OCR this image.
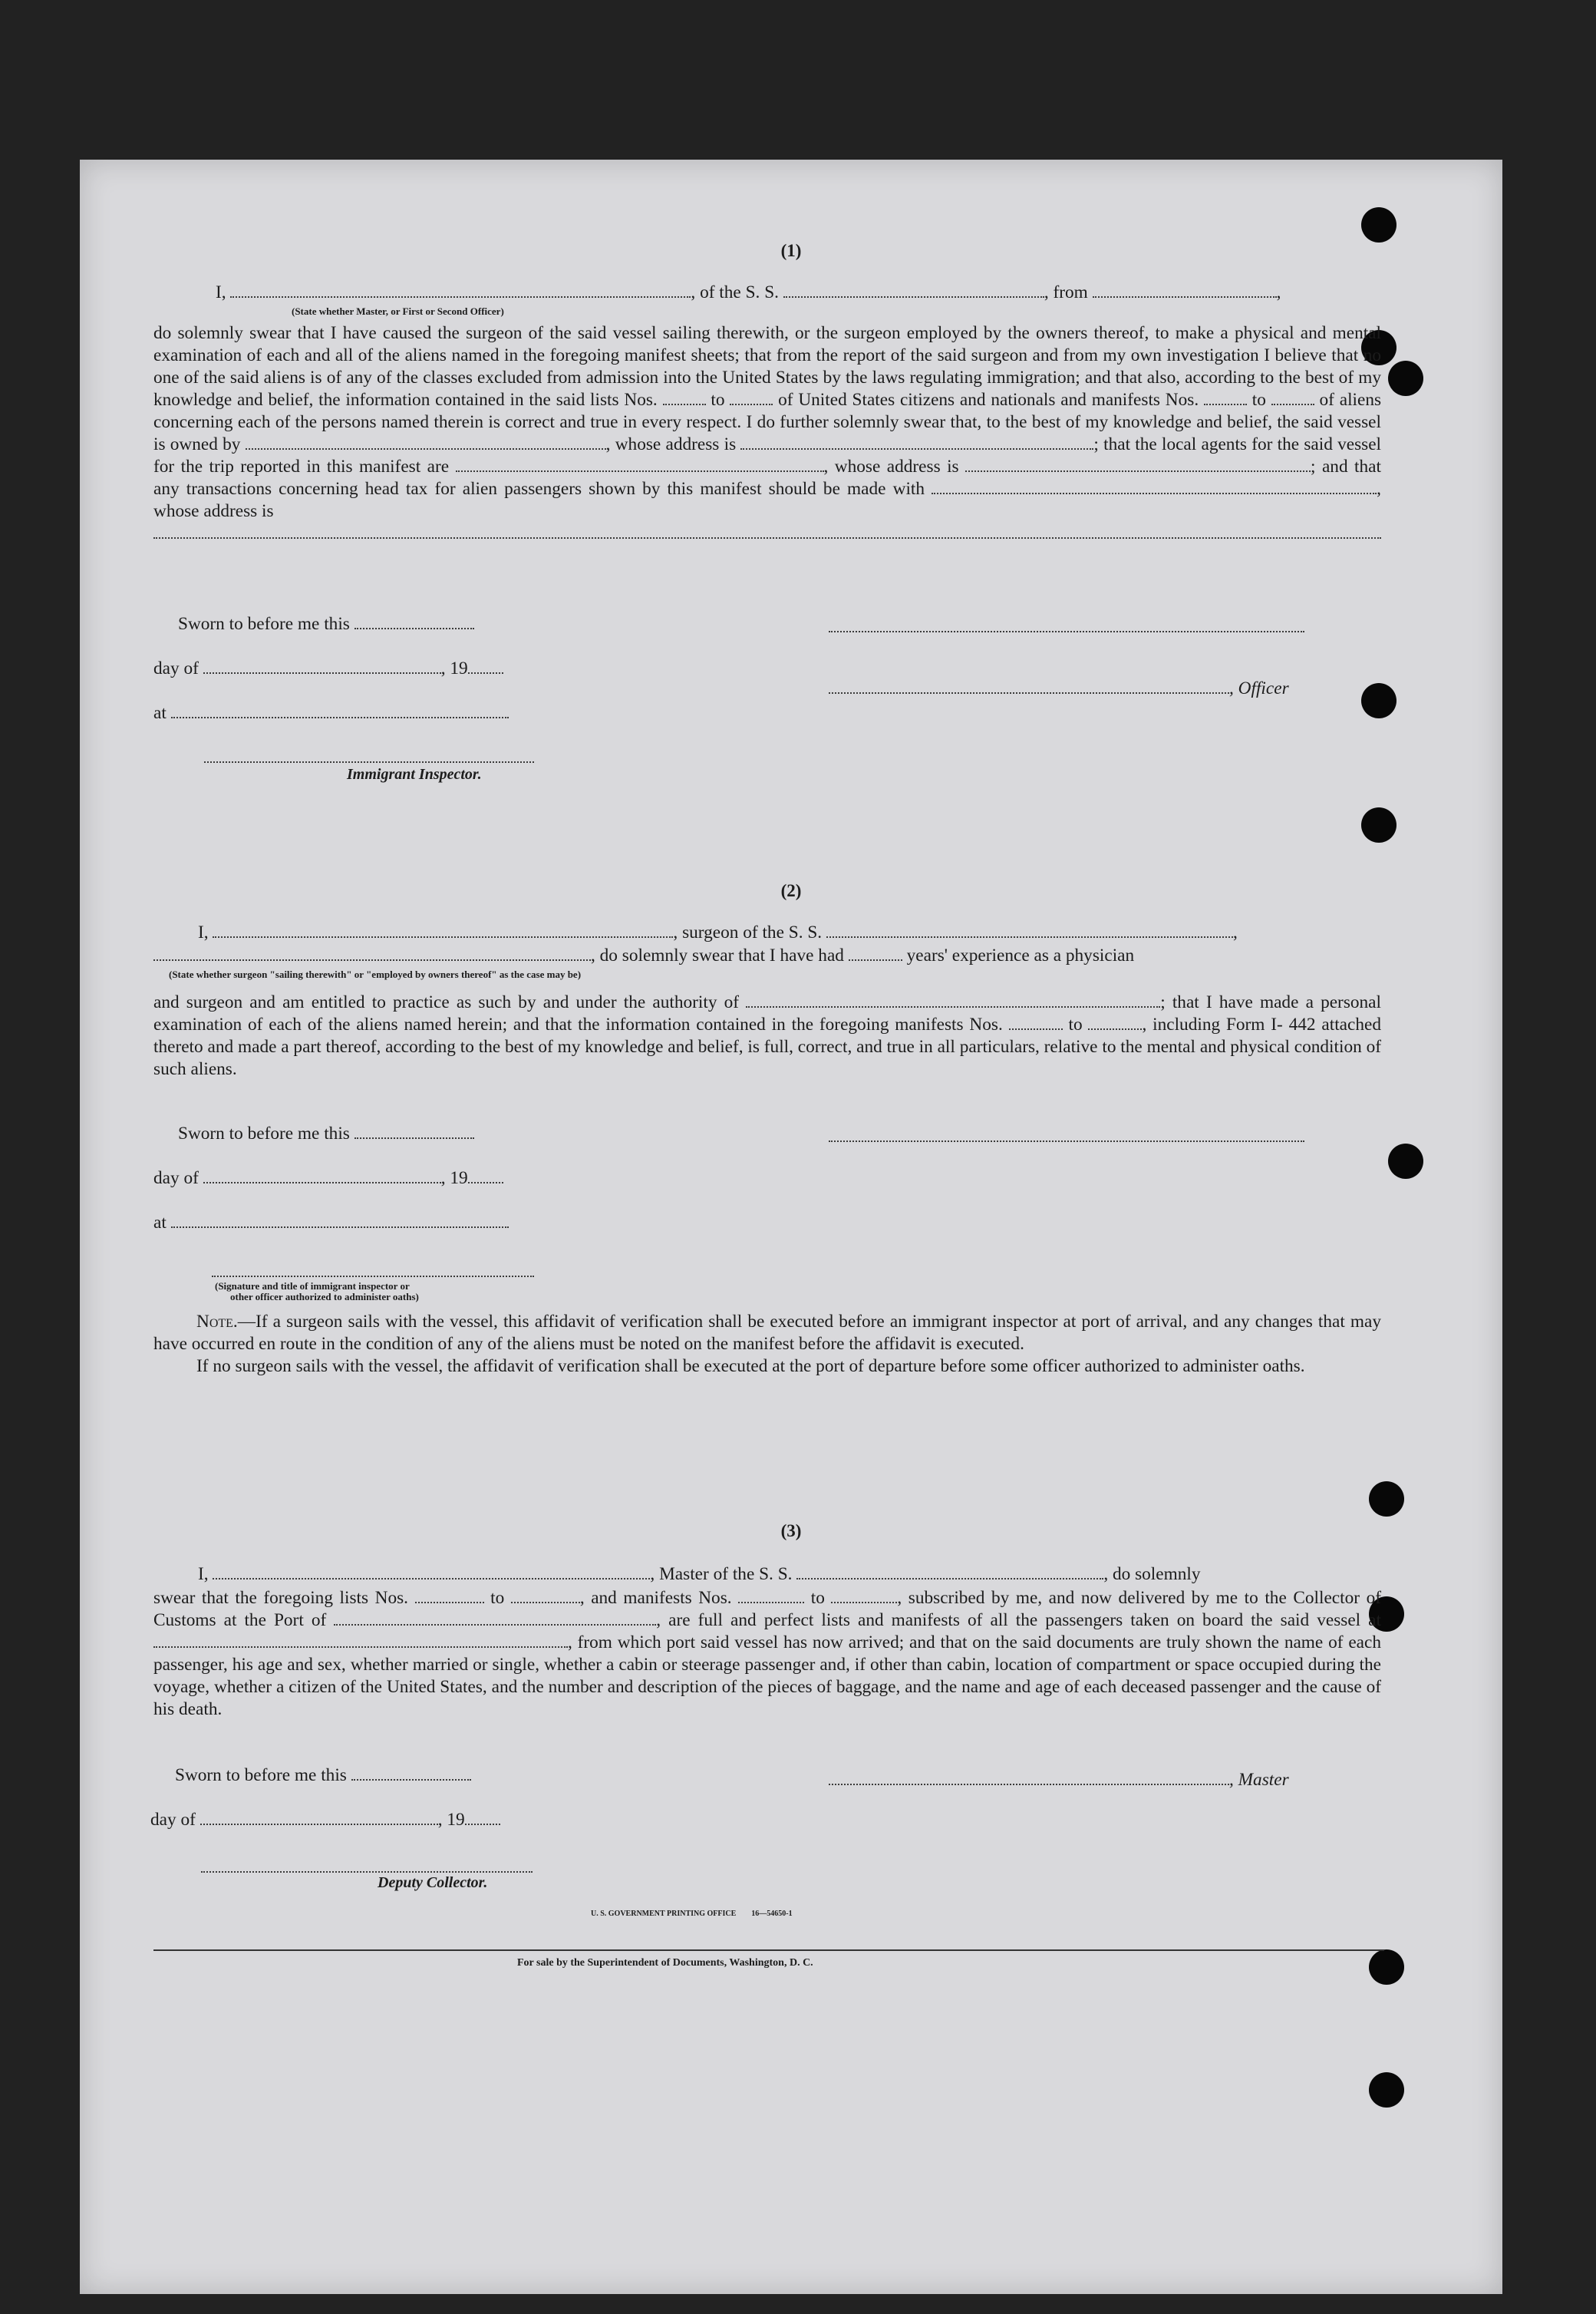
(1)
I,	, of the S. S.	, from	,
(State whether Master, or First or Second Officer)

do solemnly swear that I have caused the surgeon of the said vessel sailing therewith, or the surgeon employed by the owners thereof, to make a physical and mental examination of each and all of the aliens named in the foregoing manifest sheets; that from the report of the said surgeon and from my own investigation I believe that no one of the said aliens is of any of the classes excluded from admission into the United States by the laws regulating immigration; and that also, according to the best of my knowledge and belief, the information contained in the said lists Nos.	to	of United States citizens and nationals and manifests Nos.	to	of aliens concerning each of the persons named therein is correct and true in every respect. I do further solemnly swear that, to the best of my knowledge and belief, the said vessel is owned by	, whose address is	; that the local agents for the said vessel for the trip reported in this manifest are	, whose address is	; and that any transactions concerning head tax for alien passengers shown by this manifest should be made with	, whose address is

Sworn to before me this
day of	, 19
, Officer
at
Immigrant Inspector.
(2)
I,	, surgeon of the S. S.	,
, do solemnly swear that I have had	years' experience as a physician
(State whether surgeon "sailing therewith" or "employed by owners thereof" as the case may be)

and surgeon and am entitled to practice as such by and under the authority of	; that I have made a personal examination of each of the aliens named herein; and that the information contained in the foregoing manifests Nos.	to	, including Form I- 442 attached thereto and made a part thereof, according to the best of my knowledge and belief, is full, correct, and true in all particulars, relative to the mental and physical condition of such aliens.

Sworn to before me this
day of	, 19
at
(Signature and title of immigrant inspector or
other officer authorized to administer oaths)

Note.—If a surgeon sails with the vessel, this affidavit of verification shall be executed before an immigrant inspector at port of arrival, and any changes that may have occurred en route in the condition of any of the aliens must be noted on the manifest before the affidavit is executed.

If no surgeon sails with the vessel, the affidavit of verification shall be executed at the port of departure before some officer authorized to administer oaths.

(3)
I,	, Master of the S. S.	, do solemnly

swear that the foregoing lists Nos.	to	, and manifests Nos.	to	, subscribed by me, and now delivered by me to the Collector of Customs at the Port of	, are full and perfect lists and manifests of all the passengers taken on board the said vessel at , from which port said vessel has now arrived; and that on the said documents are truly shown the name of each passenger, his age and sex, whether married or single, whether a cabin or steerage passenger and, if other than cabin, location of compartment or space occupied during the voyage, whether a citizen of the United States, and the number and description of the pieces of baggage, and the name and age of each deceased passenger and the cause of his death.

Sworn to before me this	, Master
day of	, 19
Deputy Collector.
U. S. GOVERNMENT PRINTING OFFICE 16—54650-1
For sale by the Superintendent of Documents, Washington, D. C.
